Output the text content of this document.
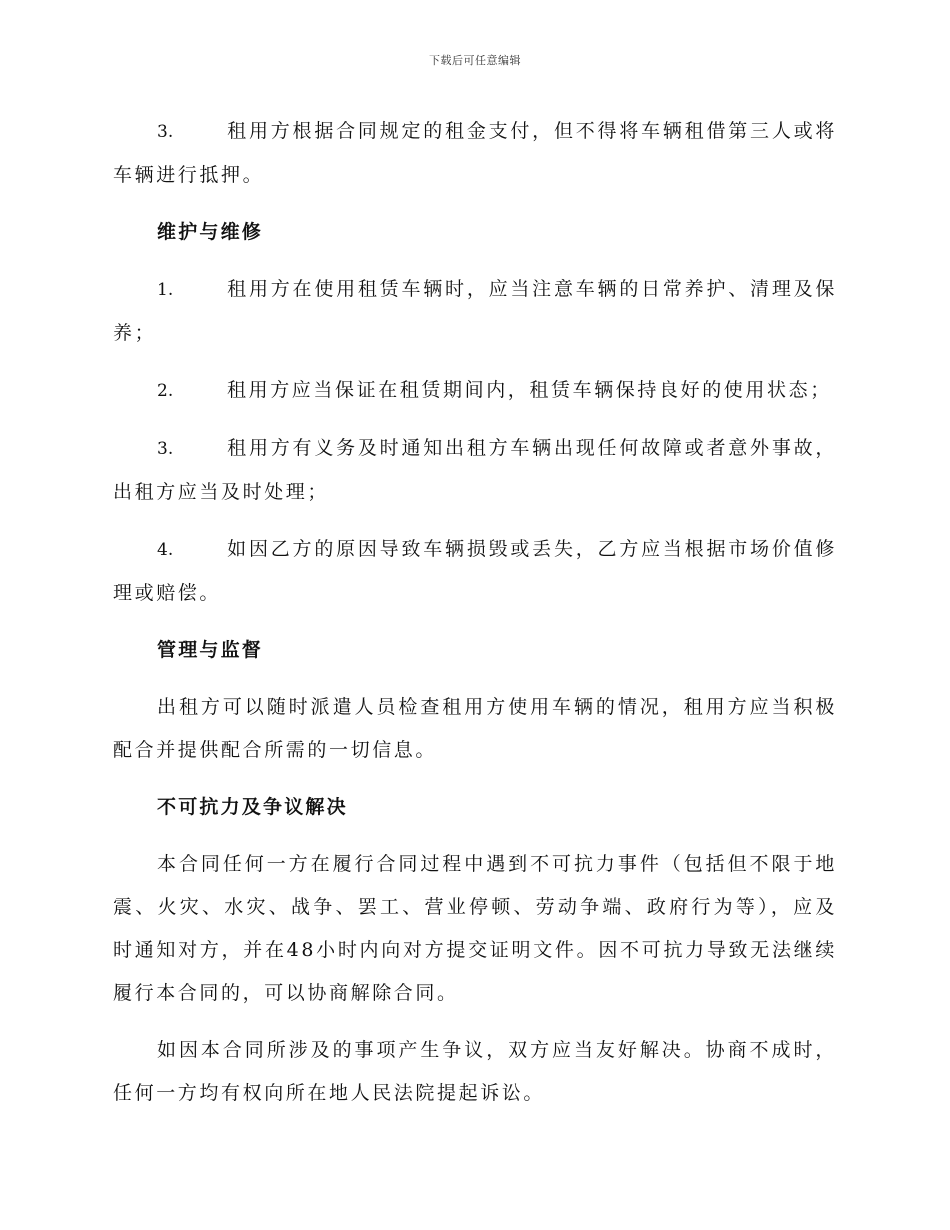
下载后可任意编辑

3.	租用方根据合同规定的租金支付，但不得将车辆租借第三人或将车辆进行抵押。

维护与维修

1.	租用方在使用租赁车辆时，应当注意车辆的日常养护、清理及保养；

2.	租用方应当保证在租赁期间内，租赁车辆保持良好的使用状态；

3.	租用方有义务及时通知出租方车辆出现任何故障或者意外事故，出租方应当及时处理；

4.	如因乙方的原因导致车辆损毁或丢失，乙方应当根据市场价值修理或赔偿。

管理与监督

出租方可以随时派遣人员检查租用方使用车辆的情况，租用方应当积极配合并提供配合所需的一切信息。

不可抗力及争议解决

本合同任何一方在履行合同过程中遇到不可抗力事件（包括但不限于地震、火灾、水灾、战争、罢工、营业停顿、劳动争端、政府行为等），应及时通知对方，并在48小时内向对方提交证明文件。因不可抗力导致无法继续履行本合同的，可以协商解除合同。

如因本合同所涉及的事项产生争议，双方应当友好解决。协商不成时，任何一方均有权向所在地人民法院提起诉讼。
